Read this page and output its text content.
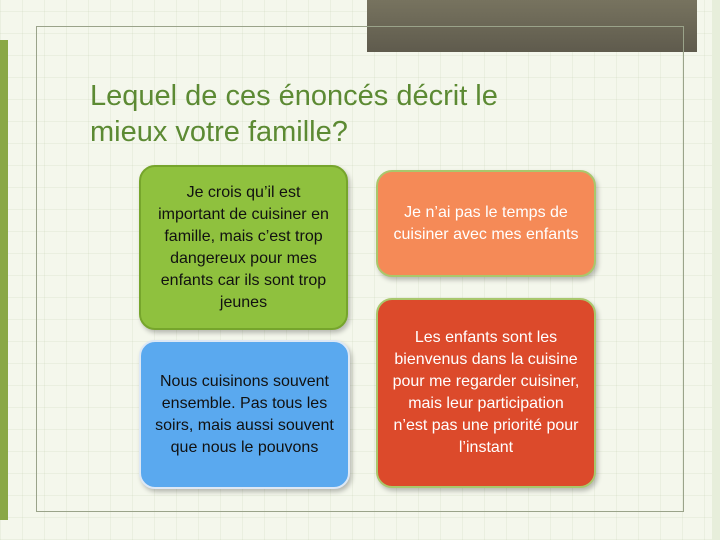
Lequel de ces énoncés décrit le mieux votre famille?
Je crois qu’il est important de cuisiner en famille, mais c’est trop dangereux pour mes enfants car ils sont trop jeunes
Je n’ai pas le temps de cuisiner avec mes enfants
Nous cuisinons souvent ensemble. Pas tous les soirs, mais aussi souvent que nous le pouvons
Les enfants sont les bienvenus dans la cuisine pour me regarder cuisiner, mais leur participation n’est pas une priorité pour l’instant
